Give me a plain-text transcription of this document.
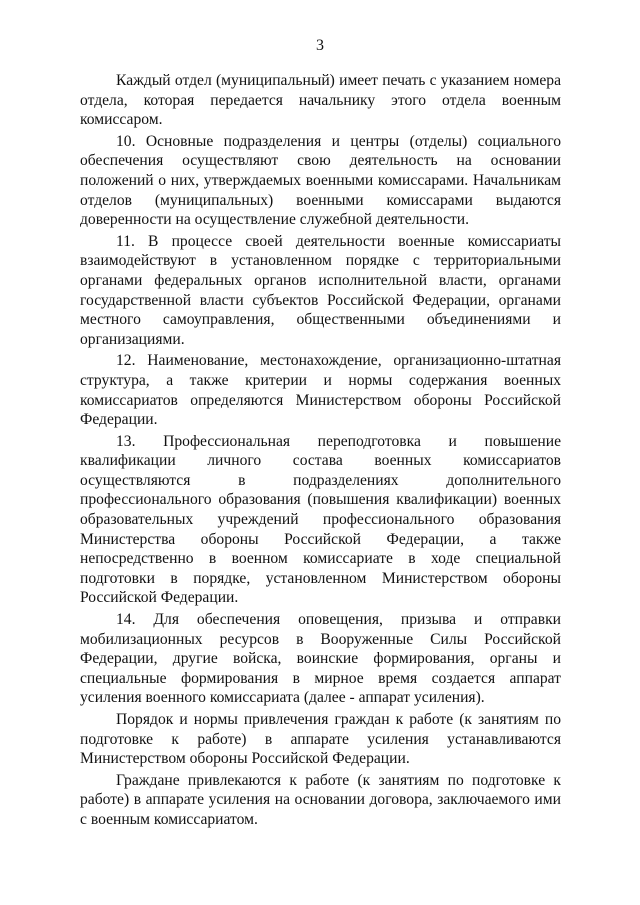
3

Каждый отдел (муниципальный) имеет печать с указанием номера отдела, которая передается начальнику этого отдела военным комиссаром.

10. Основные подразделения и центры (отделы) социального обеспечения осуществляют свою деятельность на основании положений о них, утверждаемых военными комиссарами. Начальникам отделов (муниципальных) военными комиссарами выдаются доверенности на осуществление служебной деятельности.

11. В процессе своей деятельности военные комиссариаты взаимодействуют в установленном порядке с территориальными органами федеральных органов исполнительной власти, органами государственной власти субъектов Российской Федерации, органами местного самоуправления, общественными объединениями и организациями.

12. Наименование, местонахождение, организационно-штатная структура, а также критерии и нормы содержания военных комиссариатов определяются Министерством обороны Российской Федерации.

13. Профессиональная переподготовка и повышение квалификации личного состава военных комиссариатов осуществляются в подразделениях дополнительного профессионального образования (повышения квалификации) военных образовательных учреждений профессионального образования Министерства обороны Российской Федерации, а также непосредственно в военном комиссариате в ходе специальной подготовки в порядке, установленном Министерством обороны Российской Федерации.

14. Для обеспечения оповещения, призыва и отправки мобилизационных ресурсов в Вооруженные Силы Российской Федерации, другие войска, воинские формирования, органы и специальные формирования в мирное время создается аппарат усиления военного комиссариата (далее - аппарат усиления).

Порядок и нормы привлечения граждан к работе (к занятиям по подготовке к работе) в аппарате усиления устанавливаются Министерством обороны Российской Федерации.

Граждане привлекаются к работе (к занятиям по подготовке к работе) в аппарате усиления на основании договора, заключаемого ими с военным комиссариатом.
